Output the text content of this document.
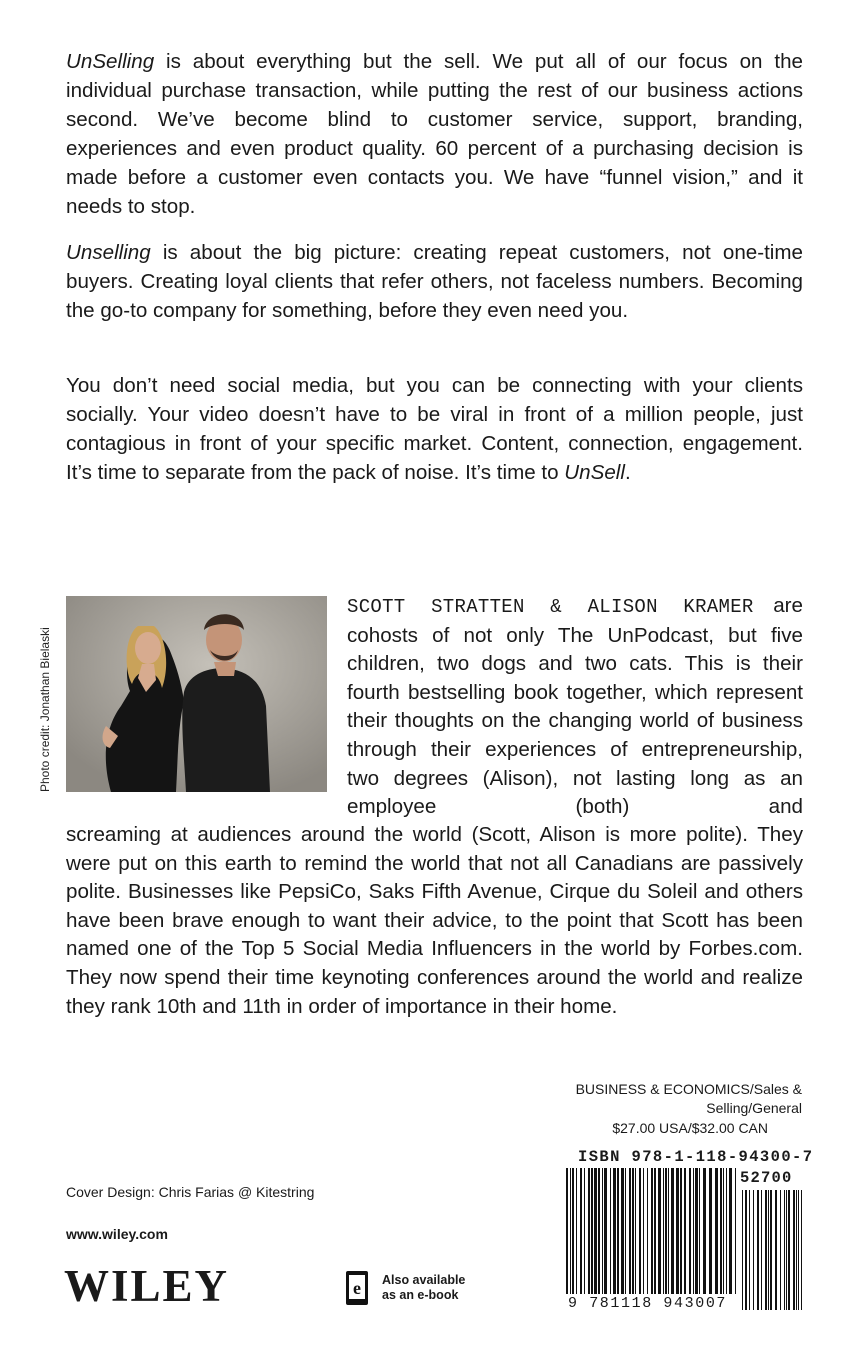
UnSelling is about everything but the sell. We put all of our focus on the individual purchase transaction, while putting the rest of our business actions second. We’ve become blind to customer service, support, branding, experiences and even product quality. 60 percent of a purchasing decision is made before a customer even contacts you. We have “funnel vision,” and it needs to stop.

Unselling is about the big picture: creating repeat customers, not one-time buyers. Creating loyal clients that refer others, not faceless numbers. Becoming the go-to company for something, before they even need you.

You don’t need social media, but you can be connecting with your clients socially. Your video doesn’t have to be viral in front of a million people, just contagious in front of your specific market. Content, connection, engagement. It’s time to separate from the pack of noise. It’s time to UnSell.

Photo credit: Jonathan Bielaski

SCOTT STRATTEN & ALISON KRAMER are cohosts of not only The UnPodcast, but five children, two dogs and two cats. This is their fourth bestselling book together, which represent their thoughts on the changing world of business through their experiences of entrepreneurship, two degrees (Alison), not lasting long as an employee (both) and

screaming at audiences around the world (Scott, Alison is more polite). They were put on this earth to remind the world that not all Canadians are passively polite. Businesses like PepsiCo, Saks Fifth Avenue, Cirque du Soleil and others have been brave enough to want their advice, to the point that Scott has been named one of the Top 5 Social Media Influencers in the world by Forbes.com. They now spend their time keynoting conferences around the world and realize they rank 10th and 11th in order of importance in their home.

BUSINESS & ECONOMICS/Sales & Selling/General
$27.00 USA/$32.00 CAN
ISBN 978-1-118-94300-7
52700
9 781118 943007
Cover Design: Chris Farias @ Kitestring
www.wiley.com
WILEY	e Also available
as an e-book
